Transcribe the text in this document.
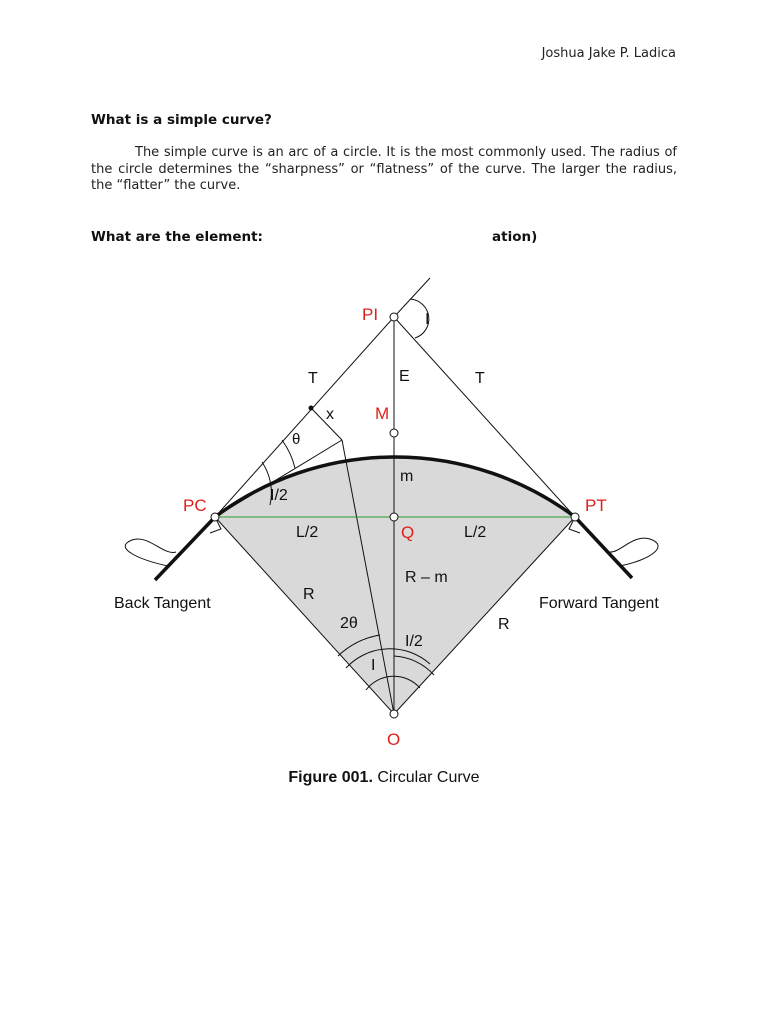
Joshua Jake P. Ladica
What is a simple curve?
The simple curve is an arc of a circle. It is the most commonly used. The radius of the circle determines the “sharpness” or “flatness” of the curve. The larger the radius, the “flatter” the curve.
What are the element:	ation)
PI	I
T	E	T
M
x
θ
m
PC	PT
I/2
L/2	Q	L/2
Back Tangent
R
R – m
Forward Tangent
2θ
I/2
R
I
O
Figure 001. Circular Curve
